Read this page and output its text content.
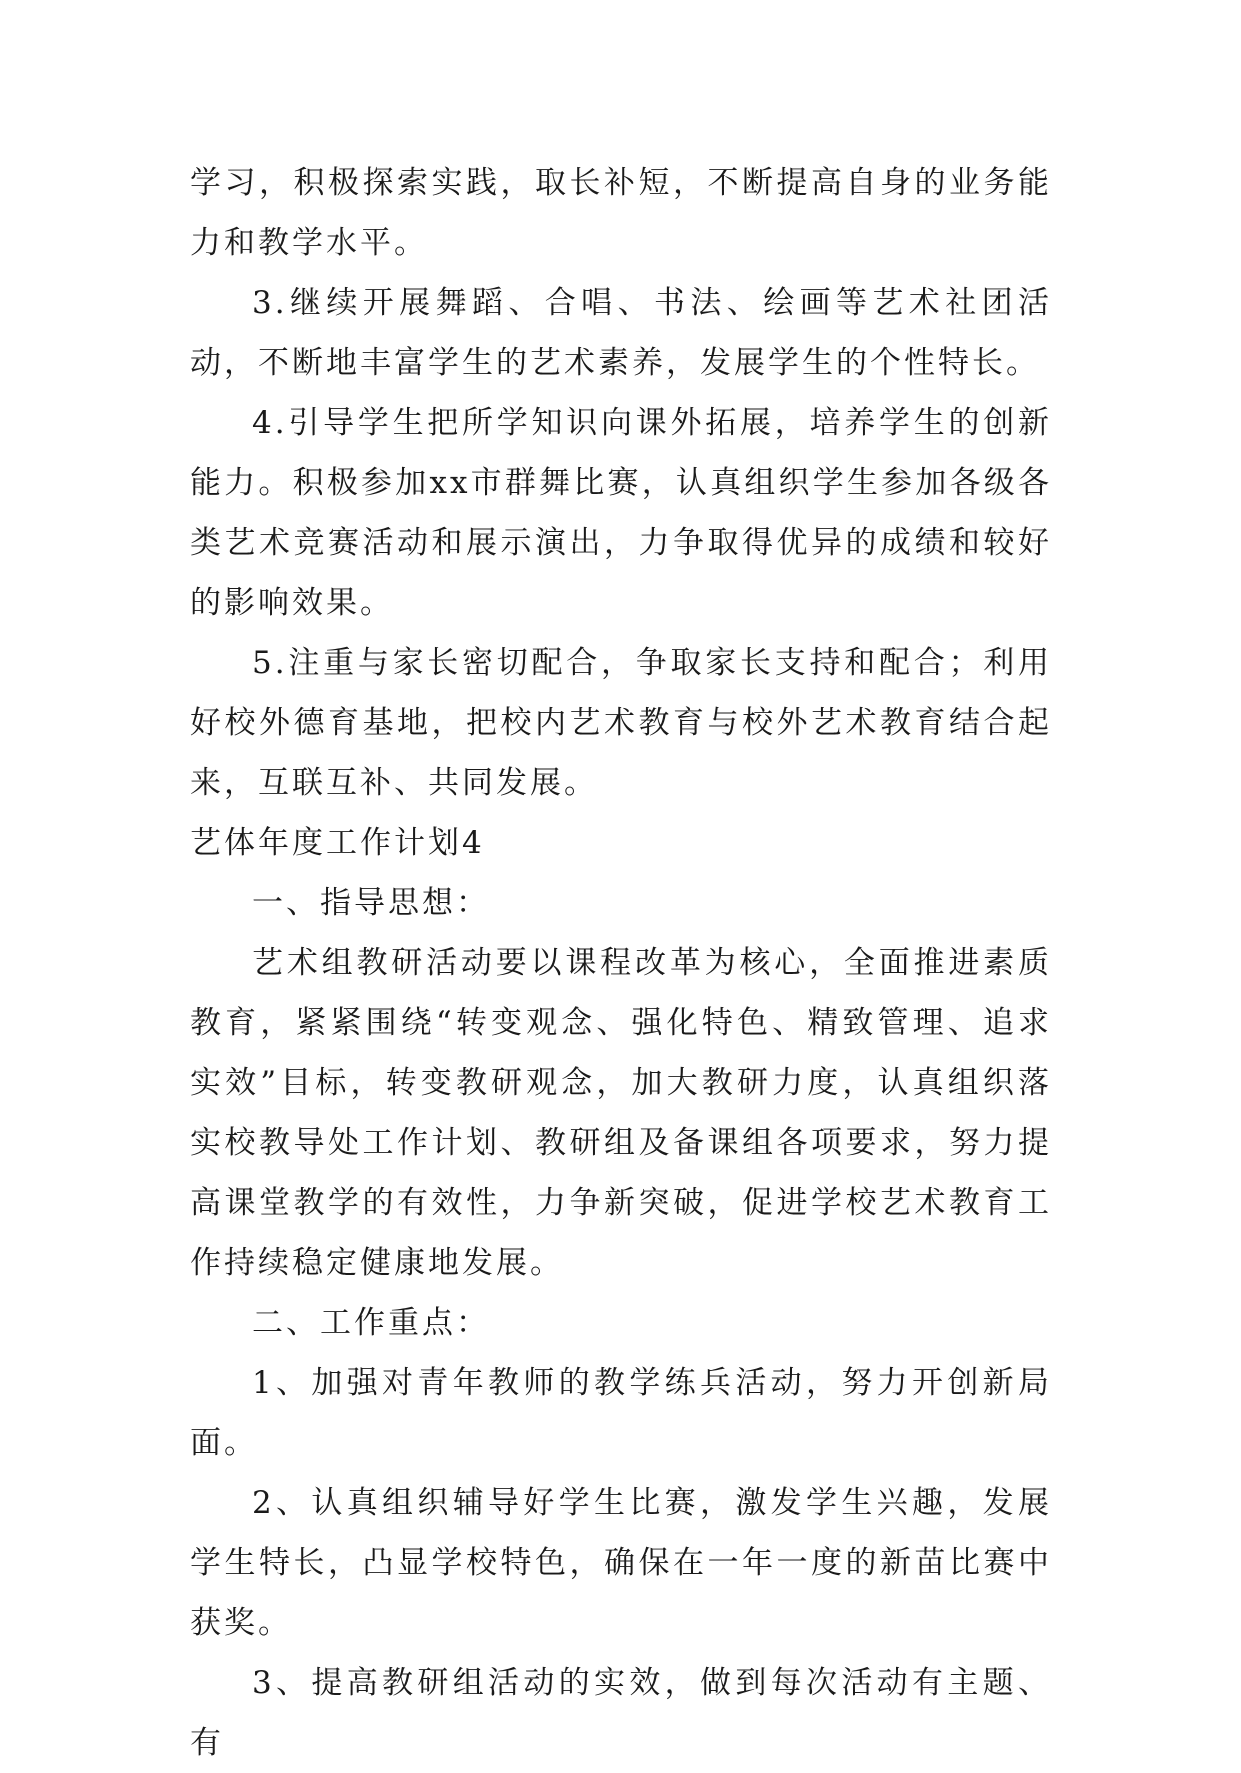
学习，积极探索实践，取长补短，不断提高自身的业务能力和教学水平。

3.继续开展舞蹈、合唱、书法、绘画等艺术社团活动，不断地丰富学生的艺术素养，发展学生的个性特长。

4.引导学生把所学知识向课外拓展，培养学生的创新能力。积极参加xx市群舞比赛，认真组织学生参加各级各类艺术竞赛活动和展示演出，力争取得优异的成绩和较好的影响效果。

5.注重与家长密切配合，争取家长支持和配合；利用好校外德育基地，把校内艺术教育与校外艺术教育结合起来，互联互补、共同发展。

艺体年度工作计划4

一、指导思想：

艺术组教研活动要以课程改革为核心，全面推进素质教育，紧紧围绕“转变观念、强化特色、精致管理、追求实效”目标，转变教研观念，加大教研力度，认真组织落实校教导处工作计划、教研组及备课组各项要求，努力提高课堂教学的有效性，力争新突破，促进学校艺术教育工作持续稳定健康地发展。

二、工作重点：

1、加强对青年教师的教学练兵活动，努力开创新局面。

2、认真组织辅导好学生比赛，激发学生兴趣，发展学生特长，凸显学校特色，确保在一年一度的新苗比赛中获奖。

3、提高教研组活动的实效，做到每次活动有主题、有
